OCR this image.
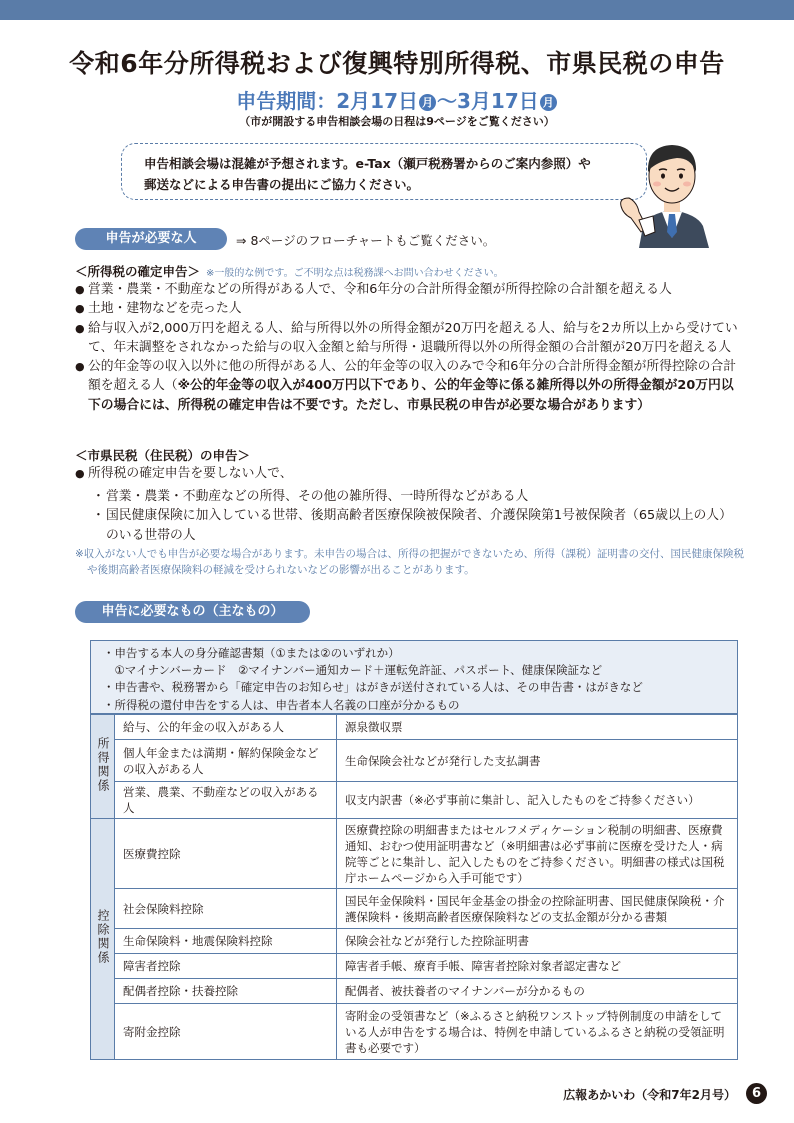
令和6年分所得税および復興特別所得税、市県民税の申告
申告期間：2月17日 月 〜3月17日 月
（市が開設する申告相談会場の日程は9ページをご覧ください）
申告相談会場は混雑が予想されます。e-Tax（瀬戸税務署からのご案内参照）や
郵送などによる申告書の提出にご協力ください。
申告が必要な人	⇒ 8ページのフローチャートもご覧ください。
＜所得税の確定申告＞ ※一般的な例です。ご不明な点は税務課へお問い合わせください。
● 営業・農業・不動産などの所得がある人で、令和6年分の合計所得金額が所得控除の合計額を超える人
● 土地・建物などを売った人
● 給与収入が2,000万円を超える人、給与所得以外の所得金額が20万円を超える人、給与を2カ所以上から受けていて、年末調整をされなかった給与の収入金額と給与所得・退職所得以外の所得金額の合計額が20万円を超える人
● 公的年金等の収入以外に他の所得がある人、公的年金等の収入のみで令和6年分の合計所得金額が所得控除の合計額を超える人（※公的年金等の収入が400万円以下であり、公的年金等に係る雑所得以外の所得金額が20万円以下の場合には、所得税の確定申告は不要です。ただし、市県民税の申告が必要な場合があります）
＜市県民税（住民税）の申告＞
● 所得税の確定申告を要しない人で、
・ 営業・農業・不動産などの所得、その他の雑所得、一時所得などがある人
・ 国民健康保険に加入している世帯、後期高齢者医療保険被保険者、介護保険第1号被保険者（65歳以上の人）のいる世帯の人
※収入がない人でも申告が必要な場合があります。未申告の場合は、所得の把握ができないため、所得（課税）証明書の交付、国民健康保険税や後期高齢者医療保険料の軽減を受けられないなどの影響が出ることがあります。
申告に必要なもの（主なもの）
・申告する本人の身分確認書類（①または②のいずれか）
　①マイナンバーカード　②マイナンバー通知カード＋運転免許証、パスポート、健康保険証など
・申告書や、税務署から「確定申告のお知らせ」はがきが送付されている人は、その申告書・はがきなど
・所得税の還付申告をする人は、申告者本人名義の口座が分かるもの
所得関係	給与、公的年金の収入がある人	源泉徴収票
	個人年金または満期・解約保険金などの収入がある人	生命保険会社などが発行した支払調書
	営業、農業、不動産などの収入がある人	収支内訳書（※必ず事前に集計し、記入したものをご持参ください）
控除関係	医療費控除	医療費控除の明細書またはセルフメディケーション税制の明細書、医療費通知、おむつ使用証明書など（※明細書は必ず事前に医療を受けた人・病院等ごとに集計し、記入したものをご持参ください。明細書の様式は国税庁ホームページから入手可能です）
	社会保険料控除	国民年金保険料・国民年金基金の掛金の控除証明書、国民健康保険税・介護保険料・後期高齢者医療保険料などの支払金額が分かる書類
	生命保険料・地震保険料控除	保険会社などが発行した控除証明書
	障害者控除	障害者手帳、療育手帳、障害者控除対象者認定書など
	配偶者控除・扶養控除	配偶者、被扶養者のマイナンバーが分かるもの
	寄附金控除	寄附金の受領書など（※ふるさと納税ワンストップ特例制度の申請をしている人が申告をする場合は、特例を申請しているふるさと納税の受領証明書も必要です）
広報あかいわ（令和7年2月号）	6
